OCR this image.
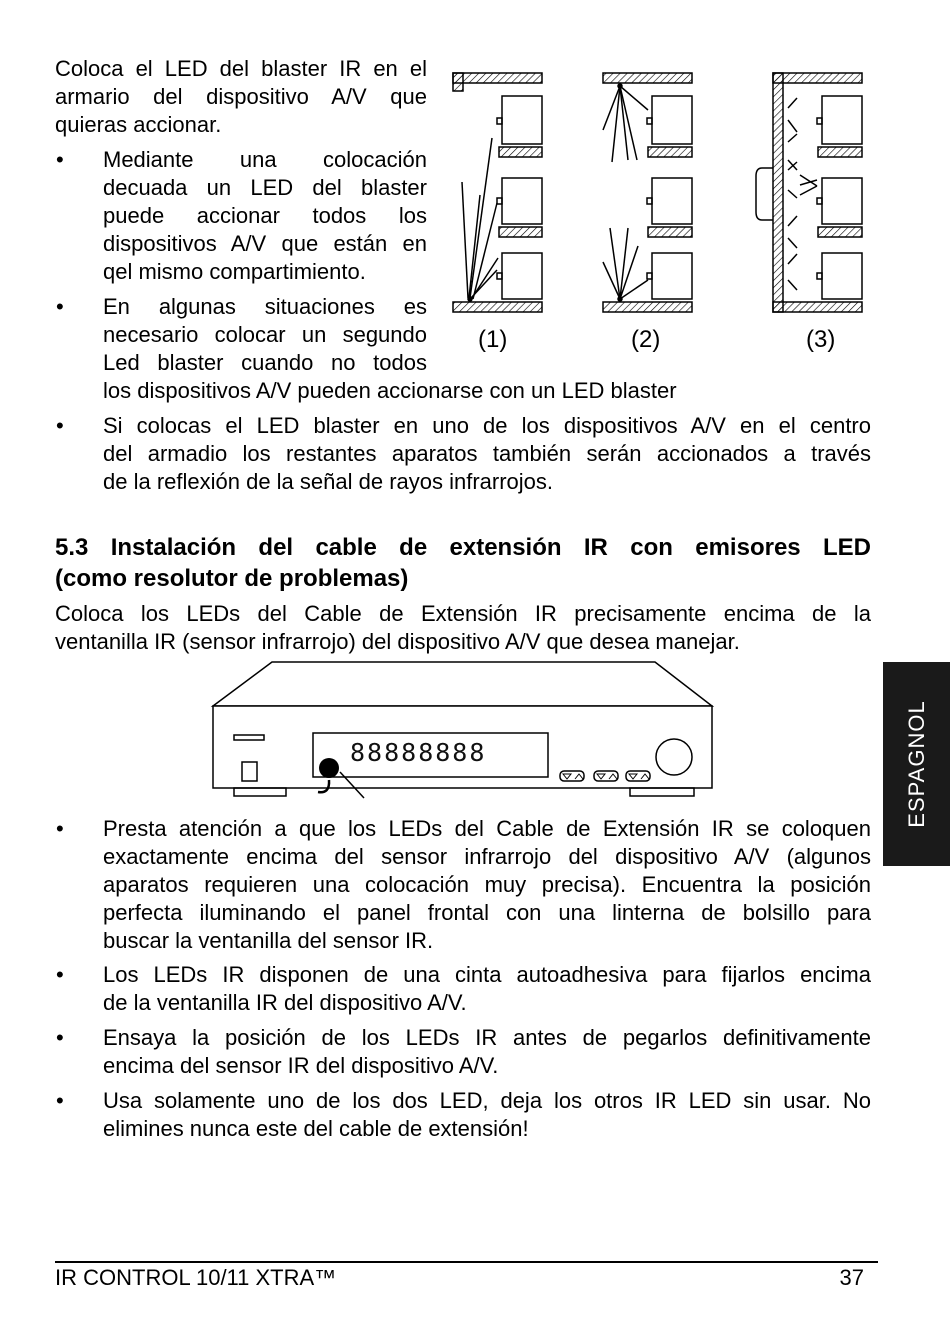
Coloca el LED del blaster IR en el
armario del dispositivo A/V que
quieras accionar.
•	Mediante una colocación
decuada un LED del blaster
puede accionar todos los
dispositivos A/V que están en
qel mismo compartimiento.
•	En algunas situaciones es
necesario colocar un segundo
Led blaster cuando no todos
los dispositivos A/V pueden accionarse con un LED blaster
•	Si colocas el LED blaster en uno de los dispositivos A/V en el centro
del armadio los restantes aparatos también serán accionados a través
de la reflexión de la señal de rayos infrarrojos.
(1)	(2)	(3)
5.3 Instalación del cable de extensión IR con emisores LED
(como resolutor de problemas)
Coloca los LEDs del Cable de Extensión IR precisamente encima de la
ventanilla IR (sensor infrarrojo) del dispositivo A/V que desea manejar.
88888888
•	Presta atención a que los LEDs del Cable de Extensión IR se coloquen
exactamente encima del sensor infrarrojo del dispositivo A/V (algunos
aparatos requieren una colocación muy precisa). Encuentra la posición
perfecta iluminando el panel frontal con una linterna de bolsillo para
buscar la ventanilla del sensor IR.
•	Los LEDs IR disponen de una cinta autoadhesiva para fijarlos encima
de la ventanilla IR del dispositivo A/V.
•	Ensaya la posición de los LEDs IR antes de pegarlos definitivamente
encima del sensor IR del dispositivo A/V.
•	Usa solamente uno de los dos LED, deja los otros IR LED sin usar. No
elimines nunca este del cable de extensión!
ESPAGNOL
IR CONTROL 10/11 XTRA™	37
